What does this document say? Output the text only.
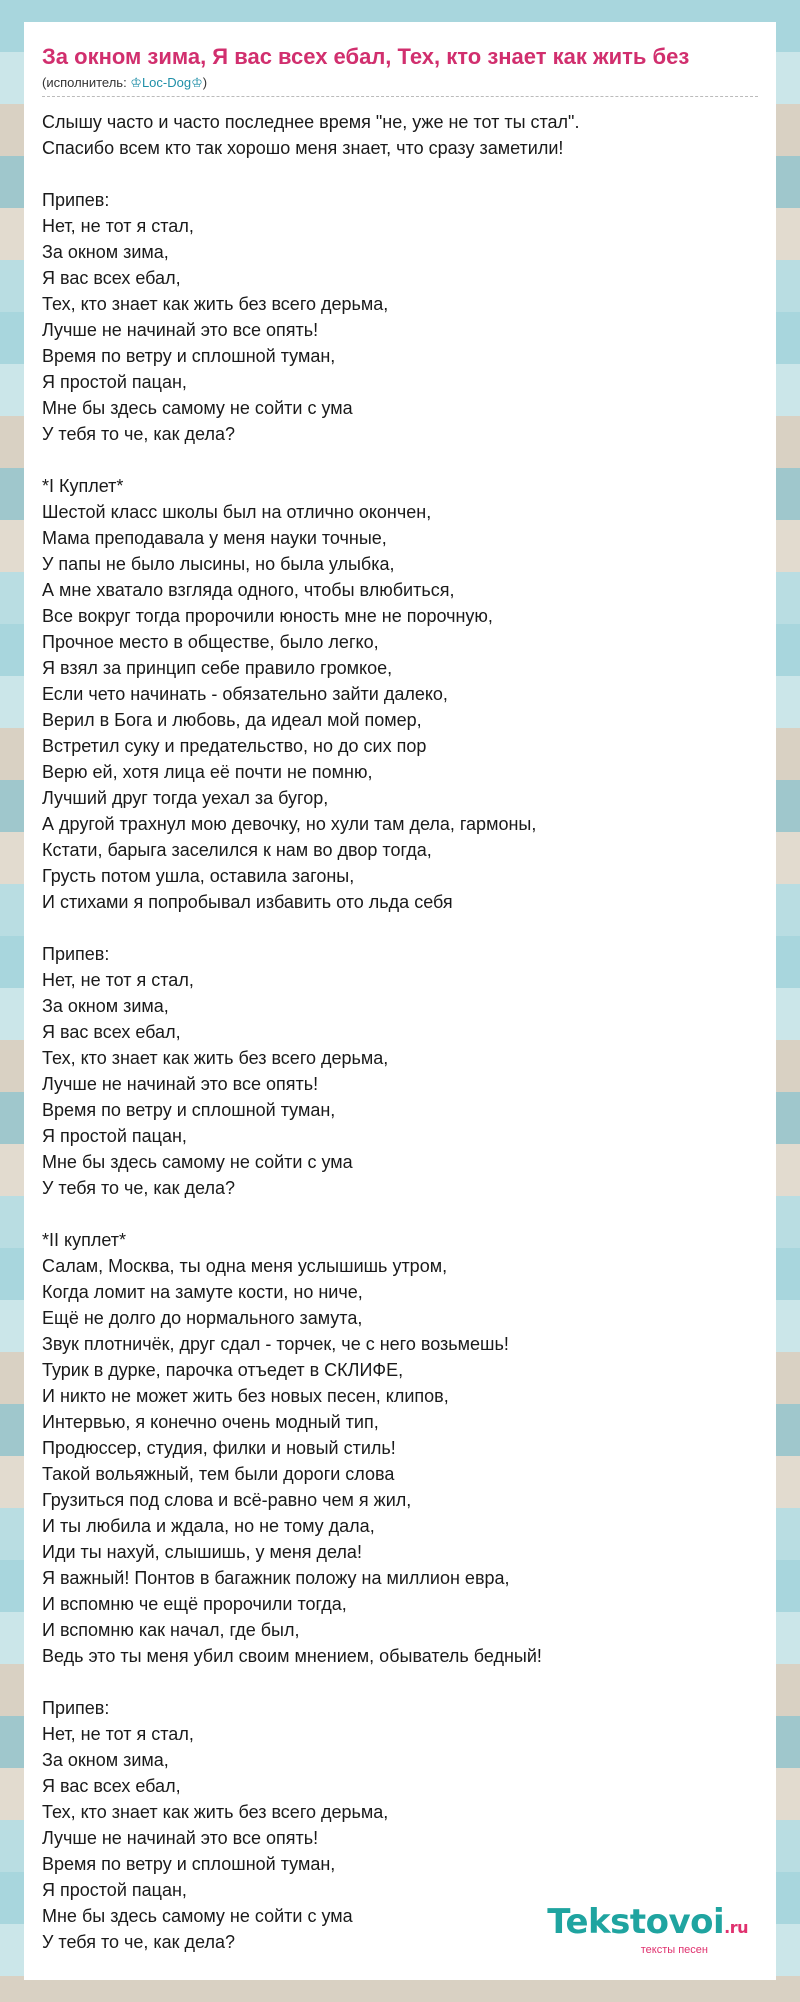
За окном зима, Я вас всех ебал, Тех, кто знает как жить без
(исполнитель: ♔Loc-Dog♔)
Слышу часто и часто последнее время "не, уже не тот ты стал".
Спасибо всем кто так хорошо меня знает, что сразу заметили!
Припев:
Нет, не тот я стал,
За окном зима,
Я вас всех ебал,
Тех, кто знает как жить без всего дерьма,
Лучше не начинай это все опять!
Время по ветру и сплошной туман,
Я простой пацан,
Мне бы здесь самому не сойти с ума
У тебя то че, как дела?
*I Куплет*
Шестой класс школы был на отлично окончен,
Мама преподавала у меня науки точные,
У папы не было лысины, но была улыбка,
А мне хватало взгляда одного, чтобы влюбиться,
Все вокруг тогда пророчили юность мне не порочную,
Прочное место в обществе, было легко,
Я взял за принцип себе правило громкое,
Если чето начинать - обязательно зайти далеко,
Верил в Бога и любовь, да идеал мой помер,
Встретил суку и предательство, но до сих пор
Верю ей, хотя лица её почти не помню,
Лучший друг тогда уехал за бугор,
А другой трахнул мою девочку, но хули там дела, гармоны,
Кстати, барыга заселился к нам во двор тогда,
Грусть потом ушла, оставила загоны,
И стихами я попробывал избавить ото льда себя
Припев:
Нет, не тот я стал,
За окном зима,
Я вас всех ебал,
Тех, кто знает как жить без всего дерьма,
Лучше не начинай это все опять!
Время по ветру и сплошной туман,
Я простой пацан,
Мне бы здесь самому не сойти с ума
У тебя то че, как дела?
*II куплет*
Салам, Москва, ты одна меня услышишь утром,
Когда ломит на замуте кости, но ниче,
Ещё не долго до нормального замута,
Звук плотничёк, друг сдал - торчек, че с него возьмешь!
Турик в дурке, парочка отъедет в СКЛИФЕ,
И никто не может жить без новых песен, клипов,
Интервью, я конечно очень модный тип,
Продюссер, студия, филки и новый стиль!
Такой вольяжный, тем были дороги слова
Грузиться под слова и всё-равно чем я жил,
И ты любила и ждала, но не тому дала,
Иди ты нахуй, слышишь, у меня дела!
Я важный! Понтов в багажник положу на миллион евра,
И вспомню че ещё пророчили тогда,
И вспомню как начал, где был,
Ведь это ты меня убил своим мнением, обыватель бедный!
Припев:
Нет, не тот я стал,
За окном зима,
Я вас всех ебал,
Тех, кто знает как жить без всего дерьма,
Лучше не начинай это все опять!
Время по ветру и сплошной туман,
Я простой пацан,
Мне бы здесь самому не сойти с ума
У тебя то че, как дела?	Tekstovoi.ru
тексты песен
